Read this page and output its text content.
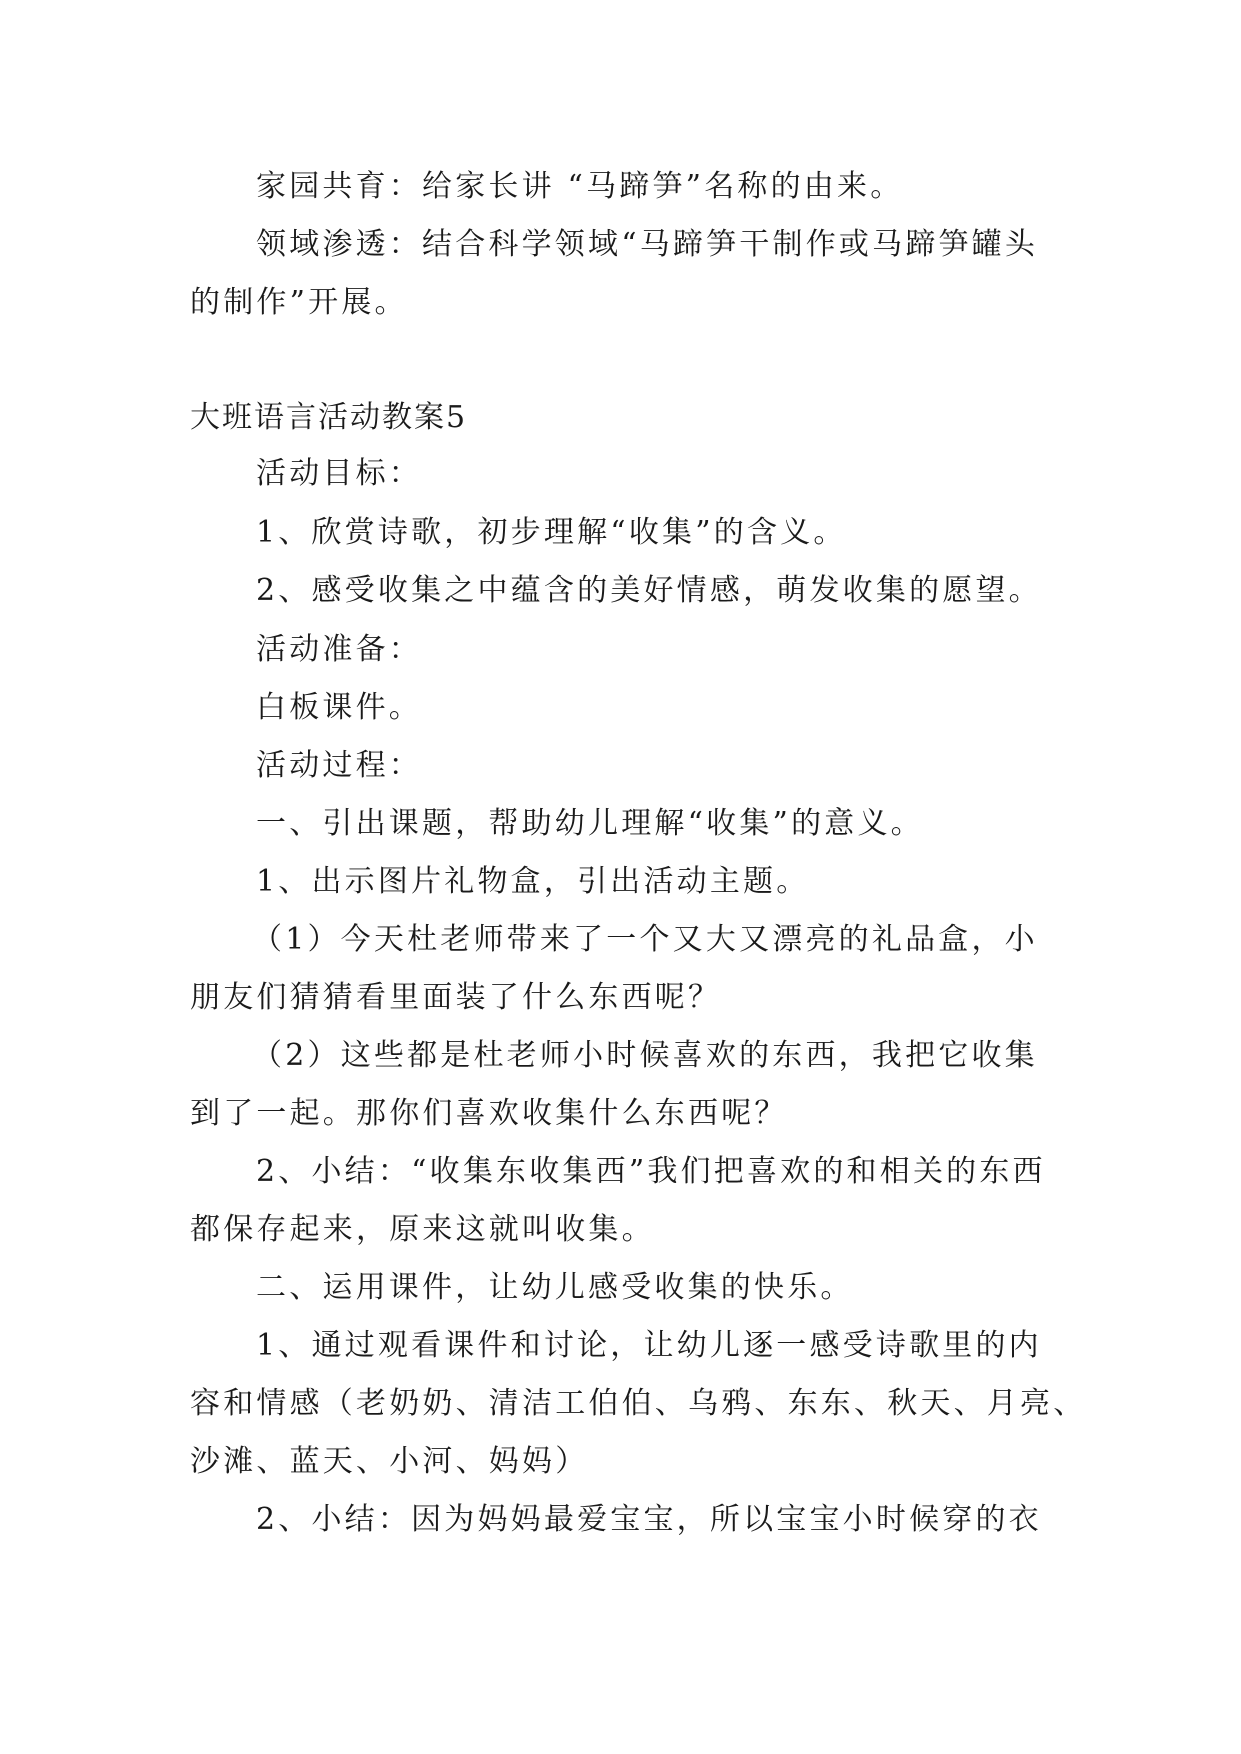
家园共育：给家长讲 “马蹄笋”名称的由来。
领域渗透：结合科学领域“马蹄笋干制作或马蹄笋罐头
的制作”开展。
大班语言活动教案5
活动目标：
1、欣赏诗歌，初步理解“收集”的含义。
2、感受收集之中蕴含的美好情感，萌发收集的愿望。
活动准备：
白板课件。
活动过程：
一、引出课题，帮助幼儿理解“收集”的意义。
1、出示图片礼物盒，引出活动主题。
（1）今天杜老师带来了一个又大又漂亮的礼品盒，小
朋友们猜猜看里面装了什么东西呢？
（2）这些都是杜老师小时候喜欢的东西，我把它收集
到了一起。那你们喜欢收集什么东西呢？
2、小结：“收集东收集西”我们把喜欢的和相关的东西
都保存起来，原来这就叫收集。
二、运用课件，让幼儿感受收集的快乐。
1、通过观看课件和讨论，让幼儿逐一感受诗歌里的内
容和情感（老奶奶、清洁工伯伯、乌鸦、东东、秋天、月亮、
沙滩、蓝天、小河、妈妈）
2、小结：因为妈妈最爱宝宝，所以宝宝小时候穿的衣
